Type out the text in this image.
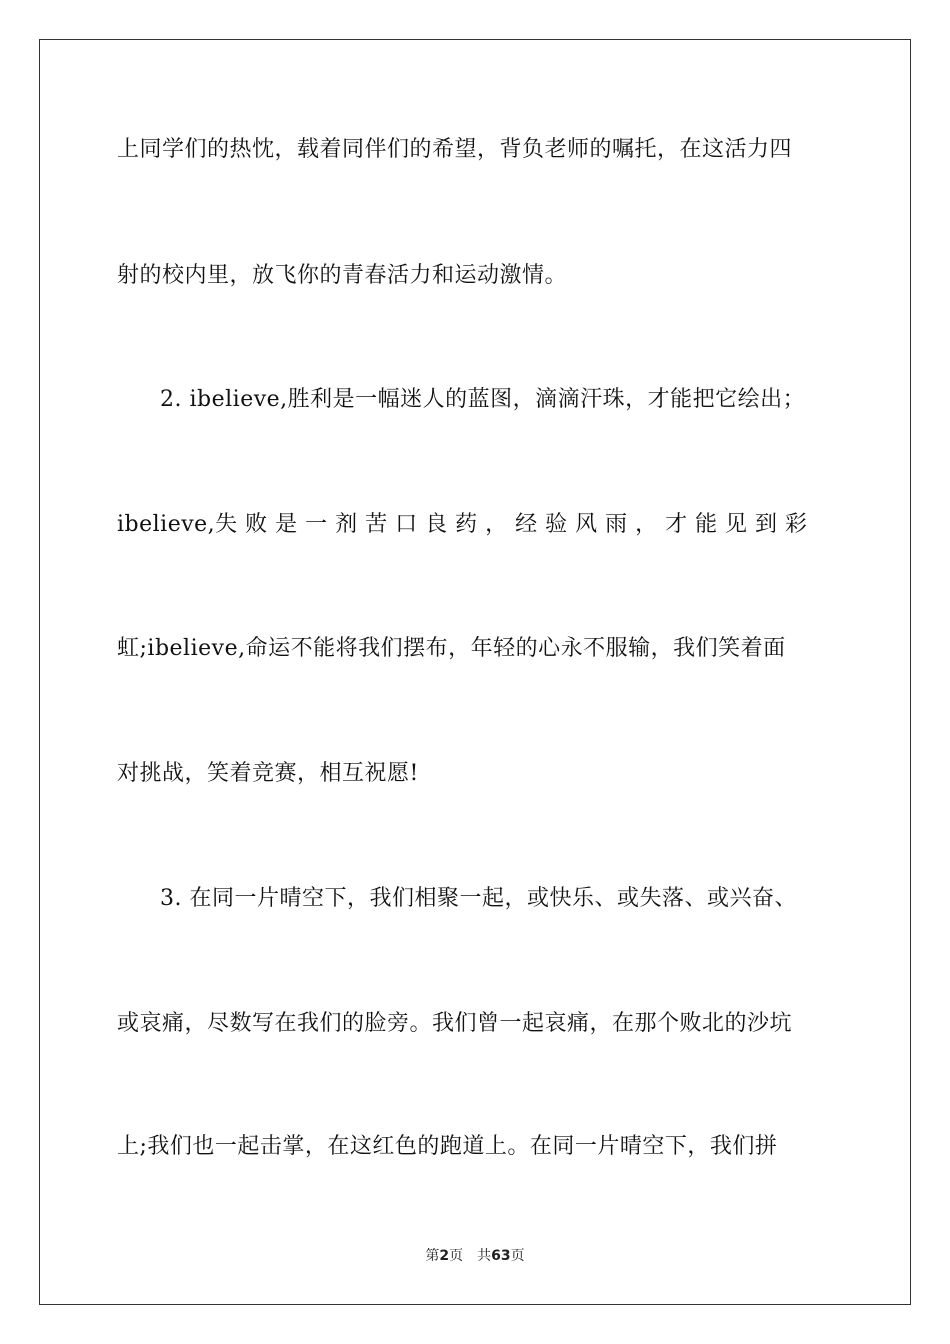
上同学们的热忱，载着同伴们的希望，背负老师的嘱托，在这活力四
射的校内里，放飞你的青春活力和运动激情。
2. ibelieve,胜利是一幅迷人的蓝图，滴滴汗珠，才能把它绘出；
ibelieve,失 败 是 一 剂 苦 口 良 药 ， 经 验 风 雨 ， 才 能 见 到 彩
虹;ibelieve,命运不能将我们摆布，年轻的心永不服输，我们笑着面
对挑战，笑着竞赛，相互祝愿!
3. 在同一片晴空下，我们相聚一起，或快乐、或失落、或兴奋、
或哀痛，尽数写在我们的脸旁。我们曾一起哀痛，在那个败北的沙坑
上;我们也一起击掌，在这红色的跑道上。在同一片晴空下，我们拼
第2页 共63页
